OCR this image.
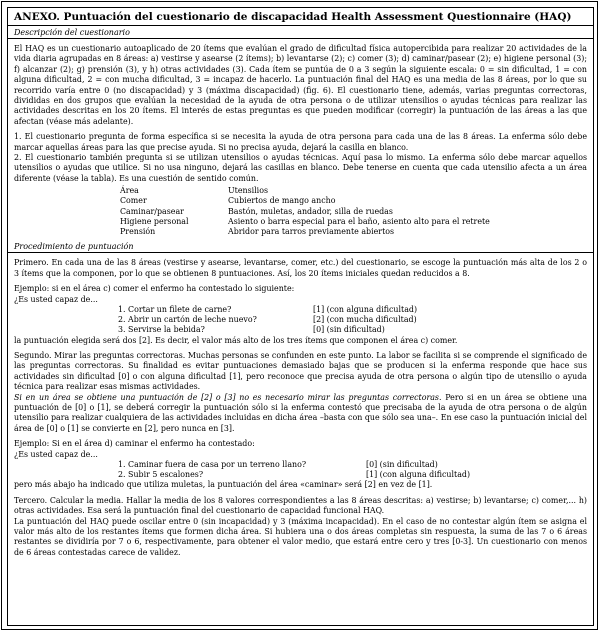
ANEXO. Puntuación del cuestionario de discapacidad Health Assessment Questionnaire (HAQ)
Descripción del cuestionario

El HAQ es un cuestionario autoaplicado de 20 ítems que evalúan el grado de dificultad física autopercibida para realizar 20 actividades de la vida diaria agrupadas en 8 áreas: a) vestirse y asearse (2 ítems); b) levantarse (2); c) comer (3); d) caminar/pasear (2); e) higiene personal (3); f) alcanzar (2); g) prensión (3), y h) otras actividades (3). Cada ítem se puntúa de 0 a 3 según la siguiente escala: 0 = sin dificultad, 1 = con alguna dificultad, 2 = con mucha dificultad, 3 = incapaz de hacerlo. La puntuación final del HAQ es una media de las 8 áreas, por lo que su recorrido varía entre 0 (no discapacidad) y 3 (máxima discapacidad) (fig. 6). El cuestionario tiene, además, varias preguntas correctoras, divididas en dos grupos que evalúan la necesidad de la ayuda de otra persona o de utilizar utensilios o ayudas técnicas para realizar las actividades descritas en los 20 ítems. El interés de estas preguntas es que pueden modificar (corregir) la puntuación de las áreas a las que afectan (véase más adelante).

1. El cuestionario pregunta de forma específica si se necesita la ayuda de otra persona para cada una de las 8 áreas. La enferma sólo debe marcar aquellas áreas para las que precise ayuda. Si no precisa ayuda, dejará la casilla en blanco.

2. El cuestionario también pregunta si se utilizan utensilios o ayudas técnicas. Aquí pasa lo mismo. La enferma sólo debe marcar aquellos utensilios o ayudas que utilice. Si no usa ninguno, dejará las casillas en blanco. Debe tenerse en cuenta que cada utensilio afecta a un área diferente (véase la tabla). Es una cuestión de sentido común.

Área	Utensilios
Comer	Cubiertos de mango ancho
Caminar/pasear	Bastón, muletas, andador, silla de ruedas
Higiene personal	Asiento o barra especial para el baño, asiento alto para el retrete
Prensión	Abridor para tarros previamente abiertos
Procedimiento de puntuación

Primero. En cada una de las 8 áreas (vestirse y asearse, levantarse, comer, etc.) del cuestionario, se escoge la puntuación más alta de los 2 o 3 ítems que la componen, por lo que se obtienen 8 puntuaciones. Así, los 20 ítems iniciales quedan reducidos a 8.

Ejemplo: si en el área c) comer el enfermo ha contestado lo siguiente:

¿Es usted capaz de...

1. Cortar un filete de carne?	[1] (con alguna dificultad)
2. Abrir un cartón de leche nuevo?	[2] (con mucha dificultad)
3. Servirse la bebida?	[0] (sin dificultad)

la puntuación elegida será dos [2]. Es decir, el valor más alto de los tres ítems que componen el área c) comer.

Segundo. Mirar las preguntas correctoras. Muchas personas se confunden en este punto. La labor se facilita si se comprende el significado de las preguntas correctoras. Su finalidad es evitar puntuaciones demasiado bajas que se producen si la enferma responde que hace sus actividades sin dificultad [0] o con alguna dificultad [1], pero reconoce que precisa ayuda de otra persona o algún tipo de utensilio o ayuda técnica para realizar esas mismas actividades.

Si en un área se obtiene una puntuación de [2] o [3] no es necesario mirar las preguntas correctoras. Pero si en un área se obtiene una puntuación de [0] o [1], se deberá corregir la puntuación sólo si la enferma contestó que precisaba de la ayuda de otra persona o de algún utensilio para realizar cualquiera de las actividades incluidas en dicha área –basta con que sólo sea una–. En ese caso la puntuación inicial del área de [0] o [1] se convierte en [2], pero nunca en [3].

Ejemplo: Si en el área d) caminar el enfermo ha contestado:

¿Es usted capaz de...

1. Caminar fuera de casa por un terreno llano?	[0] (sin dificultad)
2. Subir 5 escalones?	[1] (con alguna dificultad)

pero más abajo ha indicado que utiliza muletas, la puntuación del área «caminar» será [2] en vez de [1].

Tercero. Calcular la media. Hallar la media de los 8 valores correspondientes a las 8 áreas descritas: a) vestirse; b) levantarse; c) comer,... h) otras actividades. Esa será la puntuación final del cuestionario de capacidad funcional HAQ.

La puntuación del HAQ puede oscilar entre 0 (sin incapacidad) y 3 (máxima incapacidad). En el caso de no contestar algún ítem se asigna el valor más alto de los restantes ítems que formen dicha área. Si hubiera una o dos áreas completas sin respuesta, la suma de las 7 o 6 áreas restantes se dividiría por 7 o 6, respectivamente, para obtener el valor medio, que estará entre cero y tres [0-3]. Un cuestionario con menos de 6 áreas contestadas carece de validez.
